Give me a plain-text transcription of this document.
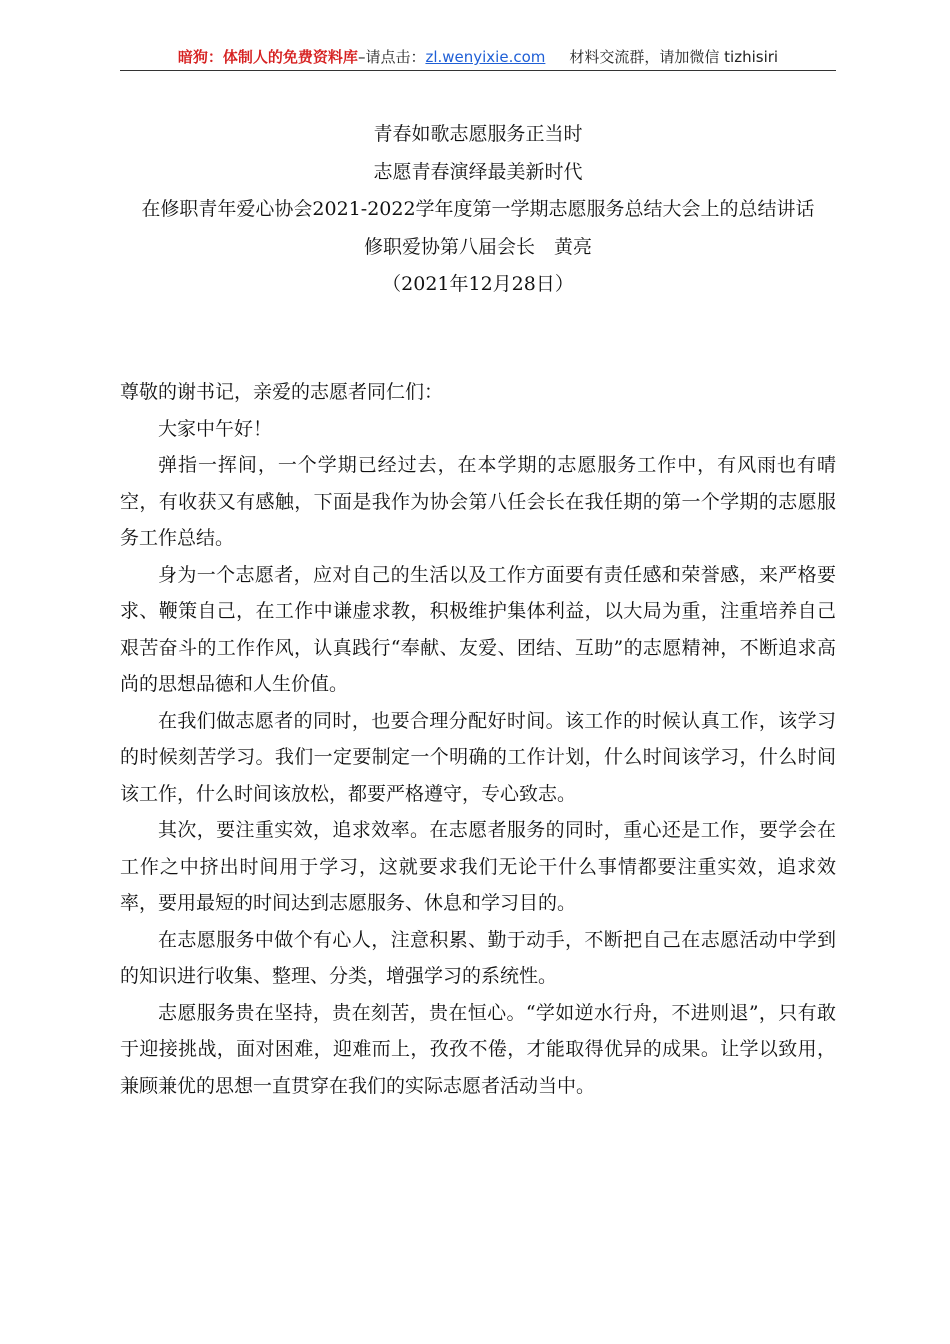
暗狗：体制人的免费资料库–请点击：zl.wenyixie.com 材料交流群，请加微信 tizhisiri
青春如歌志愿服务正当时
志愿青春演绎最美新时代
在修职青年爱心协会2021-2022学年度第一学期志愿服务总结大会上的总结讲话
修职爱协第八届会长　黄亮
（2021年12月28日）

尊敬的谢书记，亲爱的志愿者同仁们：

大家中午好！

弹指一挥间，一个学期已经过去，在本学期的志愿服务工作中，有风雨也有晴空，有收获又有感触，下面是我作为协会第八任会长在我任期的第一个学期的志愿服务工作总结。

身为一个志愿者，应对自己的生活以及工作方面要有责任感和荣誉感，来严格要求、鞭策自己，在工作中谦虚求教，积极维护集体利益，以大局为重，注重培养自己艰苦奋斗的工作作风，认真践行“奉献、友爱、团结、互助”的志愿精神，不断追求高尚的思想品德和人生价值。

在我们做志愿者的同时，也要合理分配好时间。该工作的时候认真工作，该学习的时候刻苦学习。我们一定要制定一个明确的工作计划，什么时间该学习，什么时间该工作，什么时间该放松，都要严格遵守，专心致志。

其次，要注重实效，追求效率。在志愿者服务的同时，重心还是工作，要学会在工作之中挤出时间用于学习，这就要求我们无论干什么事情都要注重实效，追求效率，要用最短的时间达到志愿服务、休息和学习目的。

在志愿服务中做个有心人，注意积累、勤于动手，不断把自己在志愿活动中学到的知识进行收集、整理、分类，增强学习的系统性。

志愿服务贵在坚持，贵在刻苦，贵在恒心。“学如逆水行舟，不进则退”，只有敢于迎接挑战，面对困难，迎难而上，孜孜不倦，才能取得优异的成果。让学以致用，兼顾兼优的思想一直贯穿在我们的实际志愿者活动当中。
